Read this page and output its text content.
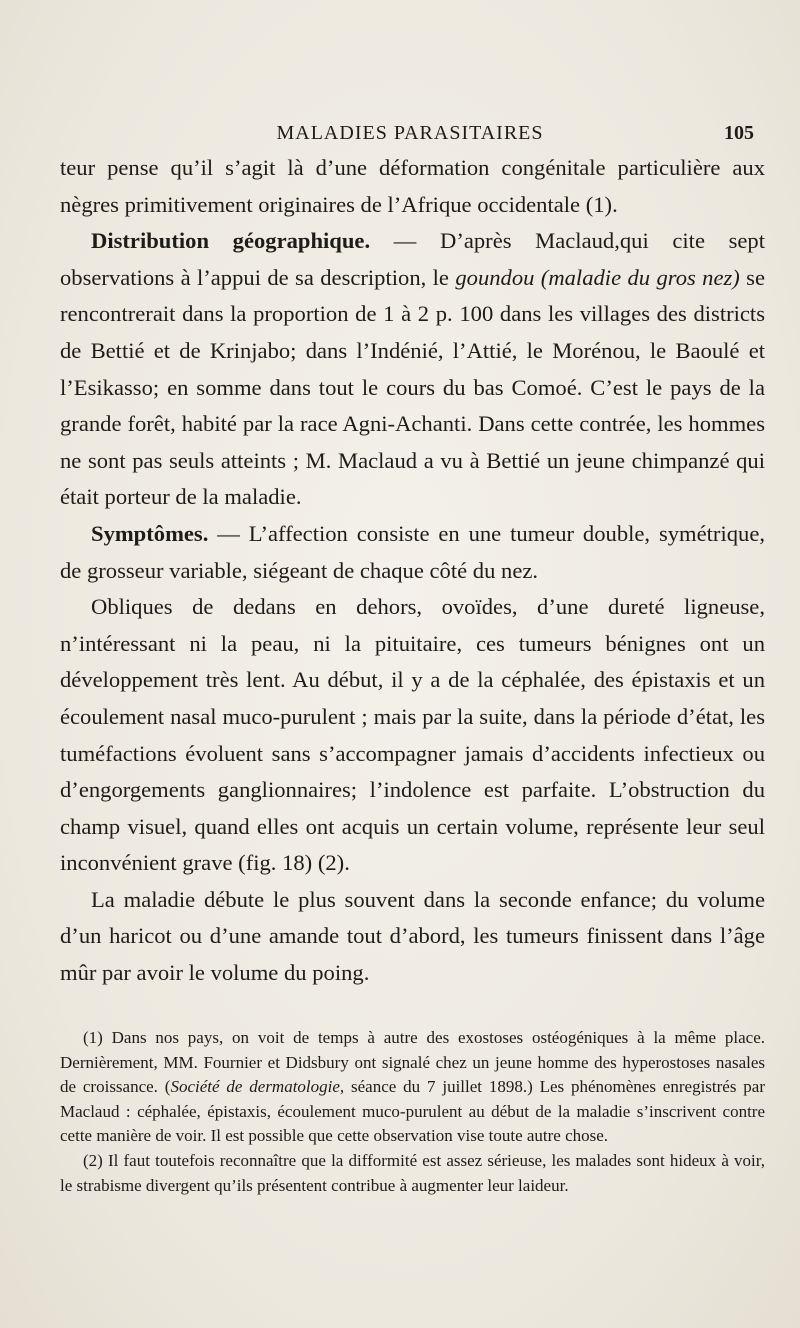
MALADIES PARASITAIRES	105

teur pense qu’il s’agit là d’une déformation congénitale particulière aux nègres primitivement originaires de l’Afrique occidentale (1).

Distribution géographique. — D’après Maclaud,qui cite sept observations à l’appui de sa description, le goundou (maladie du gros nez) se rencontrerait dans la proportion de 1 à 2 p. 100 dans les villages des districts de Bettié et de Krinjabo; dans l’Indénié, l’Attié, le Morénou, le Baoulé et l’Esikasso; en somme dans tout le cours du bas Comoé. C’est le pays de la grande forêt, habité par la race Agni-Achanti. Dans cette contrée, les hommes ne sont pas seuls atteints ; M. Maclaud a vu à Bettié un jeune chimpanzé qui était porteur de la maladie.

Symptômes. — L’affection consiste en une tumeur double, symétrique, de grosseur variable, siégeant de chaque côté du nez.

Obliques de dedans en dehors, ovoïdes, d’une dureté ligneuse, n’intéressant ni la peau, ni la pituitaire, ces tumeurs bénignes ont un développement très lent. Au début, il y a de la céphalée, des épistaxis et un écoulement nasal muco-purulent ; mais par la suite, dans la période d’état, les tuméfactions évoluent sans s’accompagner jamais d’accidents infectieux ou d’engorgements ganglionnaires; l’indolence est parfaite. L’obstruction du champ visuel, quand elles ont acquis un certain volume, représente leur seul inconvénient grave (fig. 18) (2).

La maladie débute le plus souvent dans la seconde enfance; du volume d’un haricot ou d’une amande tout d’abord, les tumeurs finissent dans l’âge mûr par avoir le volume du poing.

(1) Dans nos pays, on voit de temps à autre des exostoses ostéogéniques à la même place. Dernièrement, MM. Fournier et Didsbury ont signalé chez un jeune homme des hyperostoses nasales de croissance. (Société de dermatologie, séance du 7 juillet 1898.) Les phénomènes enregistrés par Maclaud : céphalée, épistaxis, écoulement muco-purulent au début de la maladie s’inscrivent contre cette manière de voir. Il est possible que cette observation vise toute autre chose.

(2) Il faut toutefois reconnaître que la difformité est assez sérieuse, les malades sont hideux à voir, le strabisme divergent qu’ils présentent contribue à augmenter leur laideur.
